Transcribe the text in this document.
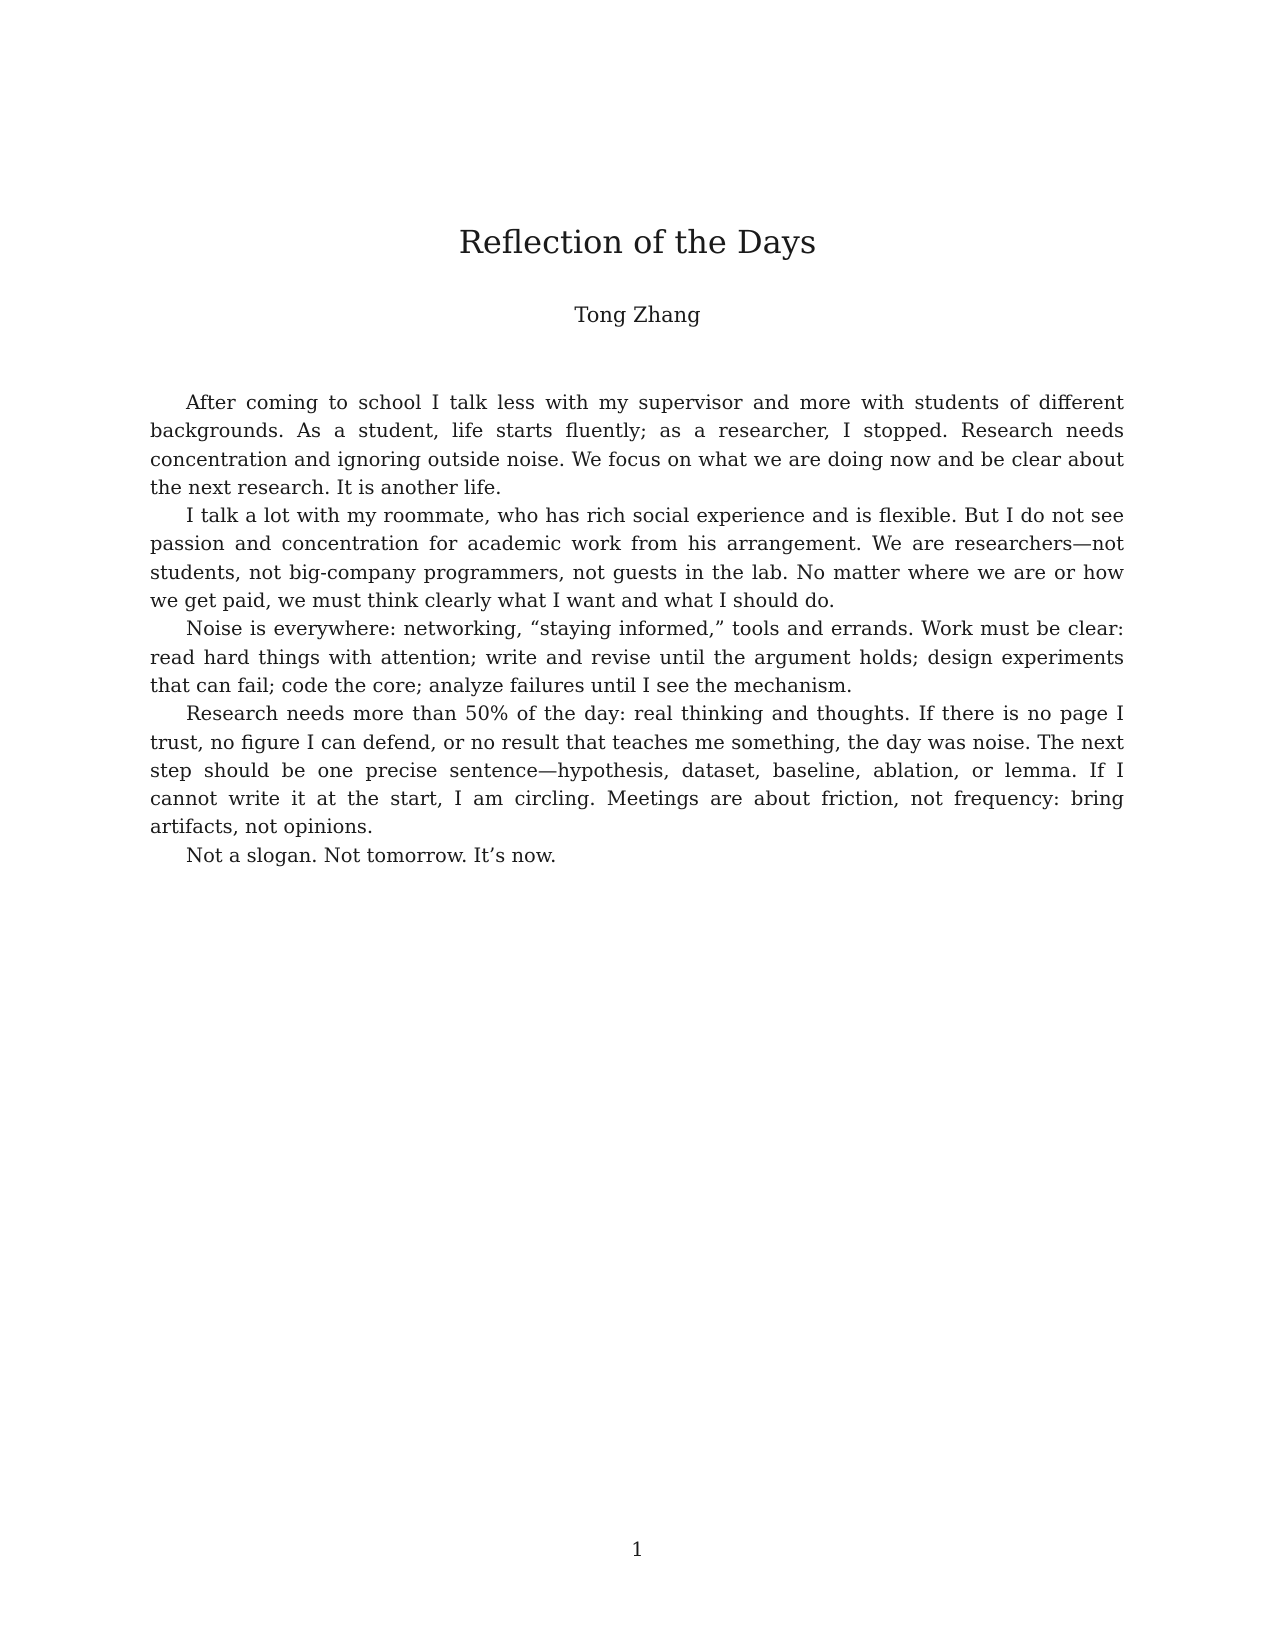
Reflection of the Days
Tong Zhang

After coming to school I talk less with my supervisor and more with students of different backgrounds. As a student, life starts fluently; as a researcher, I stopped. Research needs concentration and ignoring outside noise. We focus on what we are doing now and be clear about the next research. It is another life.

I talk a lot with my roommate, who has rich social experience and is flexible. But I do not see passion and concentration for academic work from his arrangement. We are researchers—not students, not big-company programmers, not guests in the lab. No matter where we are or how we get paid, we must think clearly what I want and what I should do.

Noise is everywhere: networking, “staying informed,” tools and errands. Work must be clear: read hard things with attention; write and revise until the argument holds; design experiments that can fail; code the core; analyze failures until I see the mechanism.

Research needs more than 50% of the day: real thinking and thoughts. If there is no page I trust, no figure I can defend, or no result that teaches me something, the day was noise. The next step should be one precise sentence—hypothesis, dataset, baseline, ablation, or lemma. If I cannot write it at the start, I am circling. Meetings are about friction, not frequency: bring artifacts, not opinions.

Not a slogan. Not tomorrow. It’s now.

1
